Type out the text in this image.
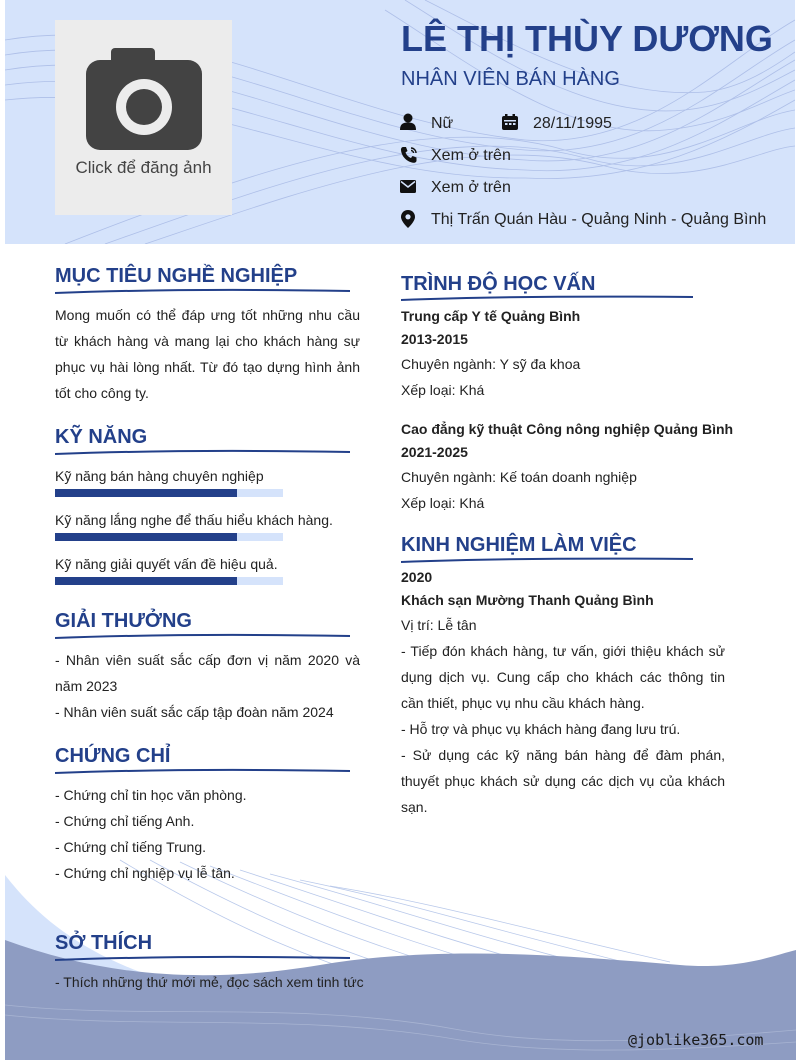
Click để đăng ảnh
LÊ THỊ THÙY DƯƠNG
NHÂN VIÊN BÁN HÀNG
Nữ	28/11/1995
Xem ở trên
Xem ở trên
Thị Trấn Quán Hàu - Quảng Ninh - Quảng Bình
MỤC TIÊU NGHỀ NGHIỆP
Mong muốn có thể đáp ưng tốt những nhu cầu từ khách hàng và mang lại cho khách hàng sự phục vụ hài lòng nhất. Từ đó tạo dựng hình ảnh tốt cho công ty.
KỸ NĂNG
Kỹ năng bán hàng chuyên nghiệp
Kỹ năng lắng nghe để thấu hiểu khách hàng.
Kỹ năng giải quyết vấn đề hiệu quả.
GIẢI THƯỞNG
- Nhân viên suất sắc cấp đơn vị năm 2020 và năm 2023
- Nhân viên suất sắc cấp tập đoàn năm 2024
CHỨNG CHỈ
- Chứng chỉ tin học văn phòng.
- Chứng chỉ tiếng Anh.
- Chứng chỉ tiếng Trung.
- Chứng chỉ nghiệp vụ lễ tân.
SỞ THÍCH
- Thích những thứ mới mẻ, đọc sách xem tinh tức
TRÌNH ĐỘ HỌC VẤN
Trung cấp Y tế Quảng Bình
2013-2015
Chuyên ngành: Y sỹ đa khoa
Xếp loại: Khá
Cao đẳng kỹ thuật Công nông nghiệp Quảng Bình
2021-2025
Chuyên ngành: Kế toán doanh nghiệp
Xếp loại: Khá
KINH NGHIỆM LÀM VIỆC
2020
Khách sạn Mường Thanh Quảng Bình
Vị trí: Lễ tân
- Tiếp đón khách hàng, tư vấn, giới thiệu khách sử dụng dịch vụ. Cung cấp cho khách các thông tin cần thiết, phục vụ nhu cầu khách hàng.
- Hỗ trợ và phục vụ khách hàng đang lưu trú.
- Sử dụng các kỹ năng bán hàng để đàm phán, thuyết phục khách sử dụng các dịch vụ của khách sạn.
@joblike365.com
